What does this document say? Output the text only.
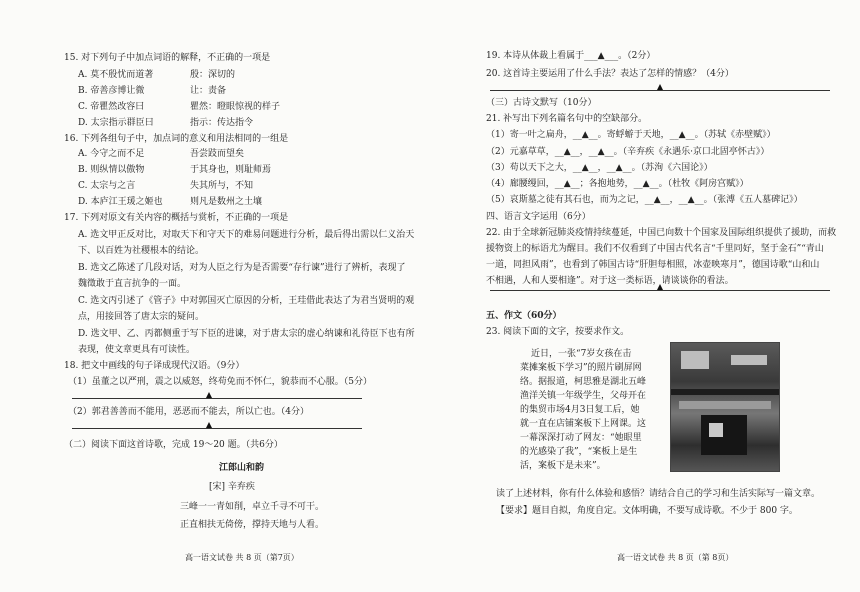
15. 对下列句子中加点词语的解释，不正确的一项是
A. 莫不殷忧而道著	殷：深切的
B. 帝善彦博让微	让：责备
C. 帝瞿然改容曰	瞿然：瞪眼惊视的样子
D. 太宗指示群臣曰	指示：传达指令
16. 下列各组句子中，加点词的意义和用法相同的一组是
A. 今守之而不足	吾尝跂而望矣
B. 则纵情以傲物	于其身也，则耻师焉
C. 太宗与之言	失其所与，不知
D. 本庐江王瑗之姬也	则凡是数州之土壤
17. 下列对原文有关内容的概括与赏析，不正确的一项是
A. 选文甲正反对比，对取天下和守天下的难易问题进行分析，最后得出需以仁义治天
下、以百姓为社稷根本的结论。
B. 选文乙陈述了几段对话，对为人臣之行为是否需要“存行谏”进行了辨析，表现了
魏徵敢于直言抗争的一面。
C. 选文丙引述了《管子》中对郭国灭亡原因的分析，王珪借此表达了为君当贤明的观
点，用接回答了唐太宗的疑问。
D. 选文甲、乙、丙都侧重于写下臣的进谏，对于唐太宗的虚心纳谏和礼待臣下也有所
表现，使文章更具有可读性。
18. 把文中画线的句子译成现代汉语。（9分）
（1）虽董之以严刑，震之以威怒，终苟免而不怀仁，貌恭而不心服。（5分）
（2）郭君善善而不能用，恶恶而不能去，所以亡也。（4分）
（二）阅读下面这首诗歌，完成 19～20 题。（共6分）
江郎山和韵
[宋] 辛弃疾
三峰一一青如削，卓立千寻不可干。
正直相扶无倚傍，撑持天地与人看。
高一语文试卷 共 8 页（第7页）
19. 本诗从体裁上看属于___▲___。（2分）
20. 这首诗主要运用了什么手法？表达了怎样的情感？（4分）
（三）古诗文默写（10分）
21. 补写出下列名篇名句中的空缺部分。
（1）寄一叶之扁舟，__▲__。寄蜉蝣于天地，__▲__。（苏轼《赤壁赋》）
（2）元嘉草草，__▲__，__▲__。（辛弃疾《永遇乐·京口北固亭怀古》）
（3）苟以天下之大，__▲__，__▲__。（苏洵《六国论》）
（4）廊腰缦回，__▲__；各抱地势，__▲__。（杜牧《阿房宫赋》）
（5）哀斯墓之徒有其石也，而为之记，__▲__，__▲__。（张溥《五人墓碑记》）
四、语言文字运用（6分）
22. 由于全球新冠肺炎疫情持续蔓延，中国已向数十个国家及国际组织提供了援助，而救
援物资上的标语尤为醒目。我们不仅看到了中国古代名言“千里同好，坚于金石”“青山
一道，同担风雨”，也看到了韩国古诗“肝胆每相照，冰壶映寒月”，德国诗歌“山和山
不相遇，人和人要相逢”。对于这一类标语，请谈谈你的看法。
五、作文（60分）
23. 阅读下面的文字，按要求作文。
近日，一张“7岁女孩在击
菜摊案板下学习”的照片刷屏网
络。据报道，柯思雅是湖北五峰
渔洋关镇一年级学生，父母开在
的集贸市场4月3日复工后，她
就一直在店铺案板下上网课。这
一幕深深打动了网友：“她眼里
的光感染了我”，“案板上是生
活，案板下是未来”。
读了上述材料，你有什么体验和感悟？请结合自己的学习和生活实际写一篇文章。
【要求】题目自拟，角度自定。文体明确，不要写成诗歌。不少于 800 字。
高一语文试卷 共 8 页（第 8页）
